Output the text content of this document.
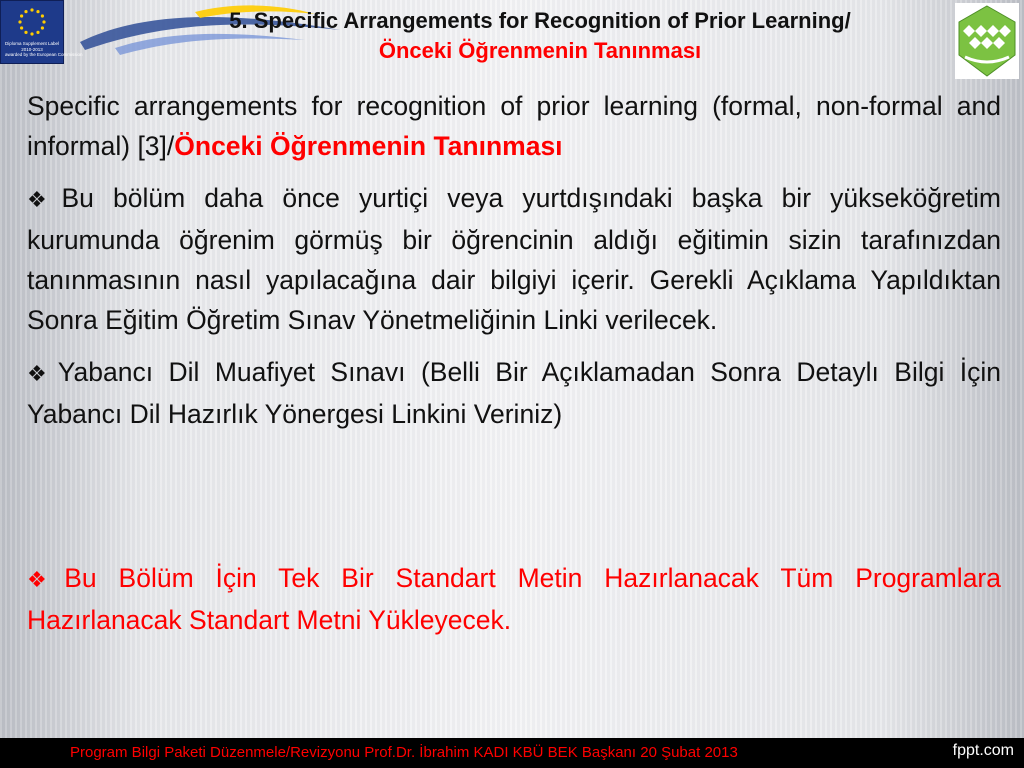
Diploma Supplement Label
2010-2013
awarded by the European Commission
5. Specific Arrangements for Recognition of Prior Learning/
Önceki Öğrenmenin Tanınması

Specific arrangements for recognition of prior learning (formal, non-formal and informal) [3]/Önceki Öğrenmenin Tanınması

❖ Bu bölüm daha önce yurtiçi veya yurtdışındaki başka bir yükseköğretim kurumunda öğrenim görmüş bir öğrencinin aldığı eğitimin sizin tarafınızdan tanınmasının nasıl yapılacağına dair bilgiyi içerir. Gerekli Açıklama Yapıldıktan Sonra Eğitim Öğretim Sınav Yönetmeliğinin Linki verilecek.

❖ Yabancı Dil Muafiyet Sınavı (Belli Bir Açıklamadan Sonra Detaylı Bilgi İçin Yabancı Dil Hazırlık Yönergesi Linkini Veriniz)

❖ Bu Bölüm İçin Tek Bir Standart Metin Hazırlanacak Tüm Programlara Hazırlanacak Standart Metni Yükleyecek.

Program Bilgi Paketi Düzenmele/Revizyonu Prof.Dr. İbrahim KADI KBÜ BEK Başkanı 20 Şubat 2013	fppt.com
